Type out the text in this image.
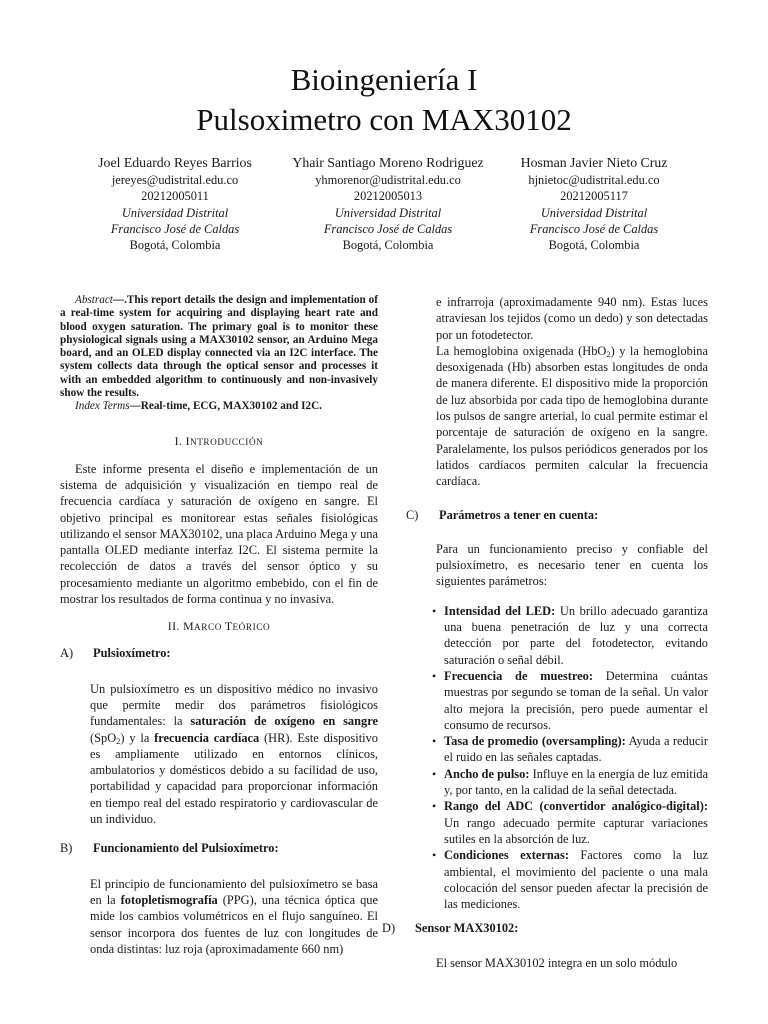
Bioingeniería I
Pulsoximetro con MAX30102
Joel Eduardo Reyes Barrios
jereyes@udistrital.edu.co
20212005011
Universidad Distrital
Francisco José de Caldas
Bogotá, Colombia
Yhair Santiago Moreno Rodriguez
yhmorenor@udistrital.edu.co
20212005013
Universidad Distrital
Francisco José de Caldas
Bogotá, Colombia
Hosman Javier Nieto Cruz
hjnietoc@udistrital.edu.co
20212005117
Universidad Distrital
Francisco José de Caldas
Bogotá, Colombia

Abstract—.This report details the design and implementation of a real-time system for acquiring and displaying heart rate and blood oxygen saturation. The primary goal is to monitor these physiological signals using a MAX30102 sensor, an Arduino Mega board, and an OLED display connected via an I2C interface. The system collects data through the optical sensor and processes it with an embedded algorithm to continuously and non-invasively show the results.

Index Terms—Real-time, ECG, MAX30102 and I2C.

I. INTRODUCCIÓN

Este informe presenta el diseño e implementación de un sistema de adquisición y visualización en tiempo real de frecuencia cardíaca y saturación de oxígeno en sangre. El objetivo principal es monitorear estas señales fisiológicas utilizando el sensor MAX30102, una placa Arduino Mega y una pantalla OLED mediante interfaz I2C. El sistema permite la recolección de datos a través del sensor óptico y su procesamiento mediante un algoritmo embebido, con el fin de mostrar los resultados de forma continua y no invasiva.

II. MARCO TEÓRICO
A) Pulsioxímetro:

Un pulsioxímetro es un dispositivo médico no invasivo que permite medir dos parámetros fisiológicos fundamentales: la saturación de oxígeno en sangre (SpO$_2$) y la frecuencia cardíaca (HR). Este dispositivo es ampliamente utilizado en entornos clínicos, ambulatorios y domésticos debido a su facilidad de uso, portabilidad y capacidad para proporcionar información en tiempo real del estado respiratorio y cardiovascular de un individuo.

B) Funcionamiento del Pulsioxímetro:

El principio de funcionamiento del pulsioxímetro se basa en la fotopletismografía (PPG), una técnica óptica que mide los cambios volumétricos en el flujo sanguíneo. El sensor incorpora dos fuentes de luz con longitudes de onda distintas: luz roja (aproximadamente 660 nm)

e infrarroja (aproximadamente 940 nm). Estas luces atraviesan los tejidos (como un dedo) y son detectadas por un fotodetector.

La hemoglobina oxigenada (HbO$_2$) y la hemoglobina desoxigenada (Hb) absorben estas longitudes de onda de manera diferente. El dispositivo mide la proporción de luz absorbida por cada tipo de hemoglobina durante los pulsos de sangre arterial, lo cual permite estimar el porcentaje de saturación de oxígeno en la sangre. Paralelamente, los pulsos periódicos generados por los latidos cardíacos permiten calcular la frecuencia cardíaca.

C) Parámetros a tener en cuenta:

Para un funcionamiento preciso y confiable del pulsioxímetro, es necesario tener en cuenta los siguientes parámetros:

• Intensidad del LED: Un brillo adecuado garantiza una buena penetración de luz y una correcta detección por parte del fotodetector, evitando saturación o señal débil.
• Frecuencia de muestreo: Determina cuántas muestras por segundo se toman de la señal. Un valor alto mejora la precisión, pero puede aumentar el consumo de recursos.
• Tasa de promedio (oversampling): Ayuda a reducir el ruido en las señales captadas.
• Ancho de pulso: Influye en la energía de luz emitida y, por tanto, en la calidad de la señal detectada.
• Rango del ADC (convertidor analógico-digital): Un rango adecuado permite capturar variaciones sutiles en la absorción de luz.
• Condiciones externas: Factores como la luz ambiental, el movimiento del paciente o una mala colocación del sensor pueden afectar la precisión de las mediciones.
D) Sensor MAX30102:

El sensor MAX30102 integra en un solo módulo
